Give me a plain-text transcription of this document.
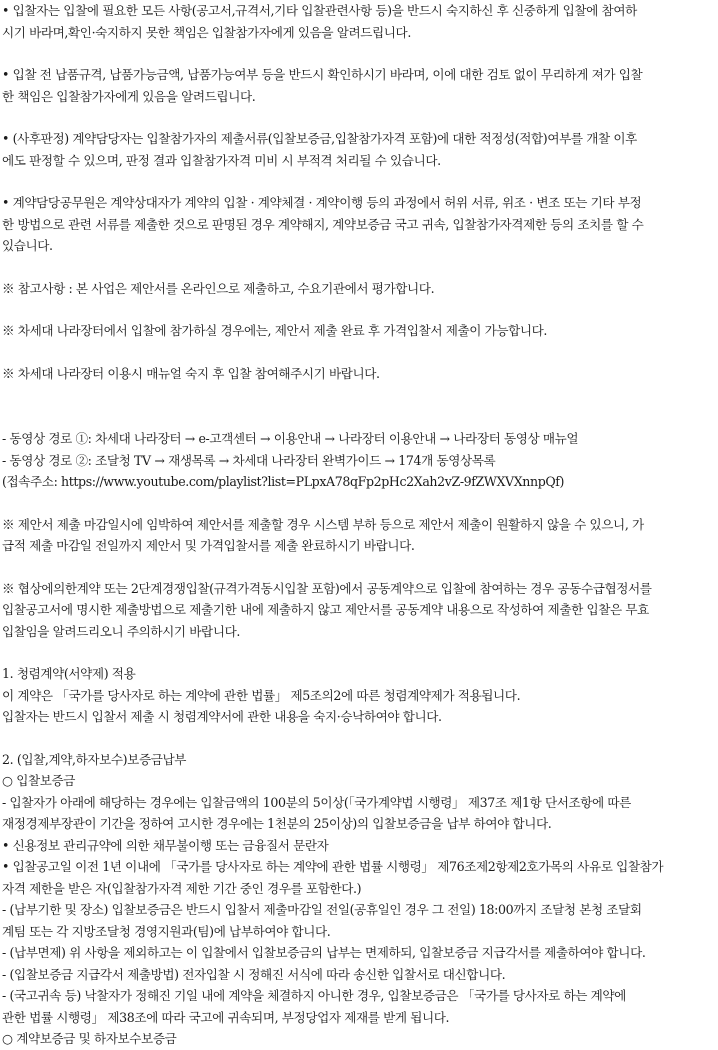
• 입찰자는 입찰에 필요한 모든 사항(공고서,규격서,기타 입찰관련사항 등)을 반드시 숙지하신 후 신중하게 입찰에 참여하
시기 바라며,확인·숙지하지 못한 책임은 입찰참가자에게 있음을 알려드립니다.
• 입찰 전 납품규격, 납품가능금액, 납품가능여부 등을 반드시 확인하시기 바라며, 이에 대한 검토 없이 무리하게 져가 입찰
한 책임은 입찰참가자에게 있음을 알려드립니다.
• (사후판정) 계약담당자는 입찰참가자의 제출서류(입찰보증금,입찰참가자격 포함)에 대한 적정성(적합)여부를 개찰 이후
에도 판정할 수 있으며, 판정 결과 입찰참가자격 미비 시 부적격 처리될 수 있습니다.
• 계약담당공무원은 계약상대자가 계약의 입찰 · 계약체결 · 계약이행 등의 과정에서 허위 서류, 위조 · 변조 또는 기타 부정
한 방법으로 관련 서류를 제출한 것으로 판명된 경우 계약해지, 계약보증금 국고 귀속, 입찰참가자격제한 등의 조치를 할 수
있습니다.
※ 참고사항 : 본 사업은 제안서를 온라인으로 제출하고, 수요기관에서 평가합니다.
※ 차세대 나라장터에서 입찰에 참가하실 경우에는, 제안서 제출 완료 후 가격입찰서 제출이 가능합니다.
※ 차세대 나라장터 이용시 매뉴얼 숙지 후 입찰 참여해주시기 바랍니다.
- 동영상 경로 ①: 차세대 나라장터 → e-고객센터 → 이용안내 → 나라장터 이용안내 → 나라장터 동영상 매뉴얼
- 동영상 경로 ②: 조달청 TV → 재생목록 → 차세대 나라장터 완벽가이드 → 174개 동영상목록
(접속주소: https://www.youtube.com/playlist?list=PLpxA78qFp2pHc2Xah2vZ-9fZWXVXnnpQf)
※ 제안서 제출 마감일시에 임박하여 제안서를 제출할 경우 시스템 부하 등으로 제안서 제출이 원활하지 않을 수 있으니, 가
급적 제출 마감일 전일까지 제안서 및 가격입찰서를 제출 완료하시기 바랍니다.
※ 협상에의한계약 또는 2단계경쟁입찰(규격가격동시입찰 포함)에서 공동계약으로 입찰에 참여하는 경우 공동수급협정서를
입찰공고서에 명시한 제출방법으로 제출기한 내에 제출하지 않고 제안서를 공동계약 내용으로 작성하여 제출한 입찰은 무효
입찰임을 알려드리오니 주의하시기 바랍니다.
1. 청렴계약(서약제) 적용
이 계약은 「국가를 당사자로 하는 계약에 관한 법률」 제5조의2에 따른 청렴계약제가 적용됩니다.
입찰자는 반드시 입찰서 제출 시 청렴계약서에 관한 내용을 숙지·승낙하여야 합니다.
2. (입찰,계약,하자보수)보증금납부
○ 입찰보증금
- 입찰자가 아래에 해당하는 경우에는 입찰금액의 100분의 5이상(「국가계약법 시행령」 제37조 제1항 단서조항에 따른
재정경제부장관이 기간을 정하여 고시한 경우에는 1천분의 25이상)의 입찰보증금을 납부 하여야 합니다.
• 신용정보 관리규약에 의한 채무불이행 또는 금융질서 문란자
• 입찰공고일 이전 1년 이내에 「국가를 당사자로 하는 계약에 관한 법률 시행령」 제76조제2항제2호가목의 사유로 입찰참가
자격 제한을 받은 자(입찰참가자격 제한 기간 중인 경우를 포함한다.)
- (납부기한 및 장소) 입찰보증금은 반드시 입찰서 제출마감일 전일(공휴일인 경우 그 전일) 18:00까지 조달청 본청 조달회
계팀 또는 각 지방조달청 경영지원과(팀)에 납부하여야 합니다.
- (납부면제) 위 사항을 제외하고는 이 입찰에서 입찰보증금의 납부는 면제하되, 입찰보증금 지급각서를 제출하여야 합니다.
- (입찰보증금 지급각서 제출방법) 전자입찰 시 정해진 서식에 따라 송신한 입찰서로 대신합니다.
- (국고귀속 등) 낙찰자가 정해진 기일 내에 계약을 체결하지 아니한 경우, 입찰보증금은 「국가를 당사자로 하는 계약에
관한 법률 시행령」 제38조에 따라 국고에 귀속되며, 부정당업자 제재를 받게 됩니다.
○ 계약보증금 및 하자보수보증금
